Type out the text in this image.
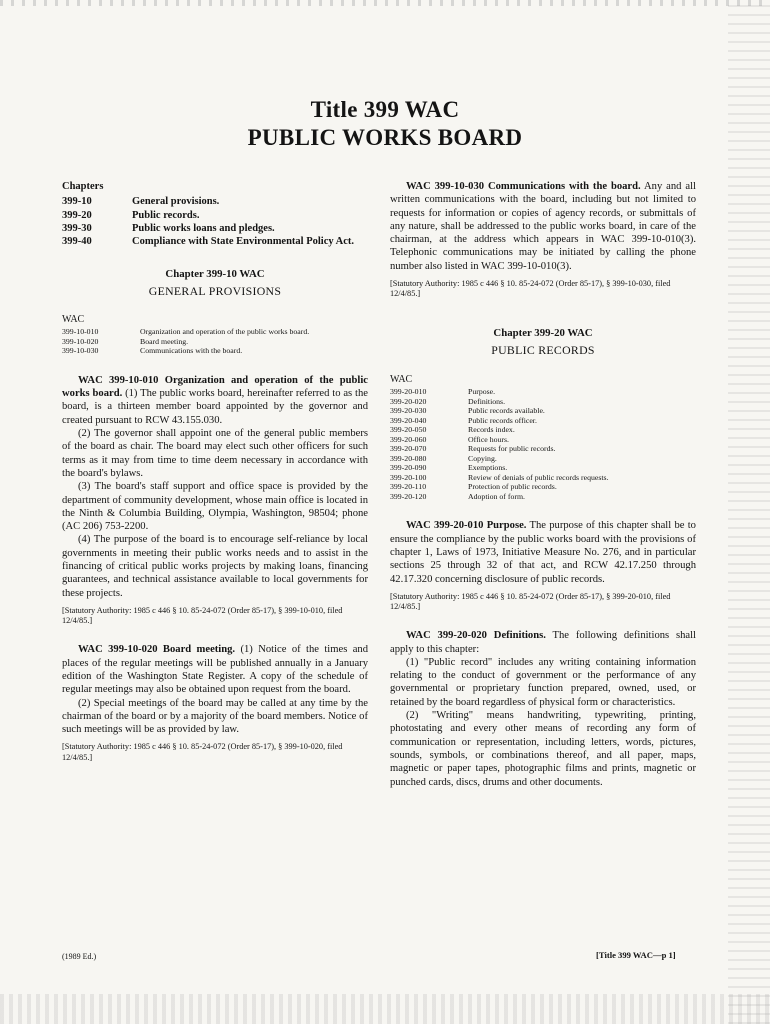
Title 399 WAC
PUBLIC WORKS BOARD
Chapters
399-10	General provisions.
399-20	Public records.
399-30	Public works loans and pledges.
399-40	Compliance with State Environmental Policy Act.
Chapter 399-10 WAC
GENERAL PROVISIONS
WAC
399-10-010	Organization and operation of the public works board.
399-10-020	Board meeting.
399-10-030	Communications with the board.

WAC 399-10-010 Organization and operation of the public works board. (1) The public works board, hereinafter referred to as the board, is a thirteen member board appointed by the governor and created pursuant to RCW 43.155.030.

(2) The governor shall appoint one of the general public members of the board as chair. The board may elect such other officers for such terms as it may from time to time deem necessary in accordance with the board's bylaws.

(3) The board's staff support and office space is provided by the department of community development, whose main office is located in the Ninth & Columbia Building, Olympia, Washington, 98504; phone (AC 206) 753-2200.

(4) The purpose of the board is to encourage self-reliance by local governments in meeting their public works needs and to assist in the financing of critical public works projects by making loans, financing guarantees, and technical assistance available to local governments for these projects.

[Statutory Authority: 1985 c 446 § 10. 85-24-072 (Order 85-17), § 399-10-010, filed 12/4/85.]

WAC 399-10-020 Board meeting. (1) Notice of the times and places of the regular meetings will be published annually in a January edition of the Washington State Register. A copy of the schedule of regular meetings may also be obtained upon request from the board.

(2) Special meetings of the board may be called at any time by the chairman of the board or by a majority of the board members. Notice of such meetings will be as provided by law.

[Statutory Authority: 1985 c 446 § 10. 85-24-072 (Order 85-17), § 399-10-020, filed 12/4/85.]

WAC 399-10-030 Communications with the board. Any and all written communications with the board, including but not limited to requests for information or copies of agency records, or submittals of any nature, shall be addressed to the public works board, in care of the chairman, at the address which appears in WAC 399-10-010(3). Telephonic communications may be initiated by calling the phone number also listed in WAC 399-10-010(3).

[Statutory Authority: 1985 c 446 § 10. 85-24-072 (Order 85-17), § 399-10-030, filed 12/4/85.]

Chapter 399-20 WAC
PUBLIC RECORDS
WAC
399-20-010	Purpose.
399-20-020	Definitions.
399-20-030	Public records available.
399-20-040	Public records officer.
399-20-050	Records index.
399-20-060	Office hours.
399-20-070	Requests for public records.
399-20-080	Copying.
399-20-090	Exemptions.
399-20-100	Review of denials of public records requests.
399-20-110	Protection of public records.
399-20-120	Adoption of form.

WAC 399-20-010 Purpose. The purpose of this chapter shall be to ensure the compliance by the public works board with the provisions of chapter 1, Laws of 1973, Initiative Measure No. 276, and in particular sections 25 through 32 of that act, and RCW 42.17.250 through 42.17.320 concerning disclosure of public records.

[Statutory Authority: 1985 c 446 § 10. 85-24-072 (Order 85-17), § 399-20-010, filed 12/4/85.]

WAC 399-20-020 Definitions. The following definitions shall apply to this chapter:

(1) "Public record" includes any writing containing information relating to the conduct of government or the performance of any governmental or proprietary function prepared, owned, used, or retained by the board regardless of physical form or characteristics.

(2) "Writing" means handwriting, typewriting, printing, photostating and every other means of recording any form of communication or representation, including letters, words, pictures, sounds, symbols, or combinations thereof, and all paper, maps, magnetic or paper tapes, photographic films and prints, magnetic or punched cards, discs, drums and other documents.

(1989 Ed.)	[Title 399 WAC—p 1]
